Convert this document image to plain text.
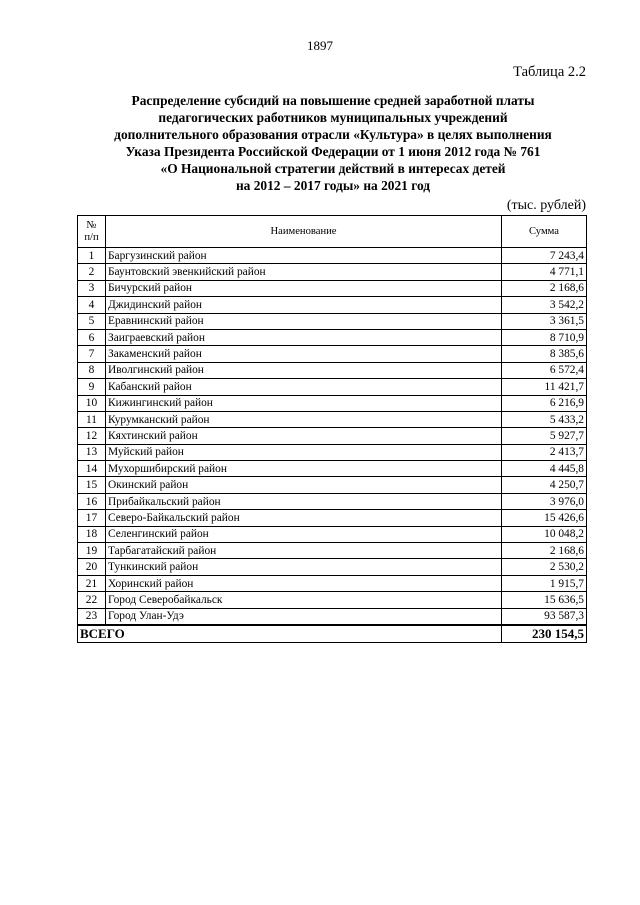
1897
Таблица 2.2
Распределение субсидий на повышение средней заработной платы
педагогических работников муниципальных учреждений
дополнительного образования отрасли «Культура» в целях выполнения
Указа Президента Российской Федерации от 1 июня 2012 года № 761
«О Национальной стратегии действий в интересах детей
на 2012 – 2017 годы» на 2021 год
(тыс. рублей)
№
п/п	Наименование	Сумма
1	Баргузинский район	7 243,4
2	Баунтовский эвенкийский район	4 771,1
3	Бичурский район	2 168,6
4	Джидинский район	3 542,2
5	Еравнинский район	3 361,5
6	Заиграевский район	8 710,9
7	Закаменский район	8 385,6
8	Иволгинский район	6 572,4
9	Кабанский район	11 421,7
10	Кижингинский район	6 216,9
11	Курумканский район	5 433,2
12	Кяхтинский район	5 927,7
13	Муйский район	2 413,7
14	Мухоршибирский район	4 445,8
15	Окинский район	4 250,7
16	Прибайкальский район	3 976,0
17	Северо-Байкальский район	15 426,6
18	Селенгинский район	10 048,2
19	Тарбагатайский район	2 168,6
20	Тункинский район	2 530,2
21	Хоринский район	1 915,7
22	Город Северобайкальск	15 636,5
23	Город Улан-Удэ	93 587,3
ВСЕГО		230 154,5
